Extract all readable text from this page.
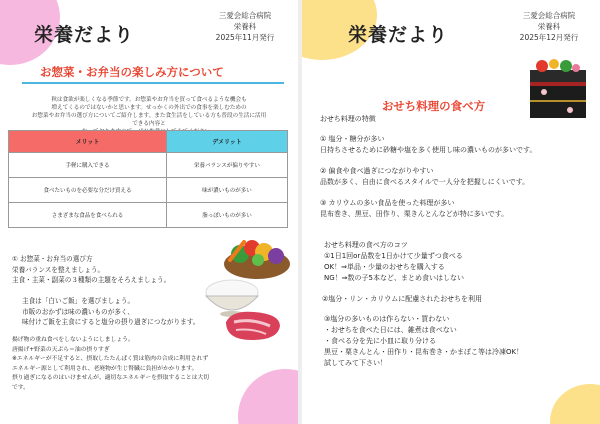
栄養だより
三愛会総合病院
栄養科
2025年11月発行
お惣菜・お弁当の楽しみ方について
秋は食欲が楽しくなる季節です。お惣菜やお弁当を買って食べるような機会も
増えてくるのではないかと思います。せっかくの外出での食事を楽しむための
お惣菜やお弁当の選び方についてご紹介します。また食生活をしている方も普段の生活に活用できる内容と
メリット	デメリット
手軽に購入できる	栄養バランスが偏りやすい
食べたいものを必要な分だけ買える	味が濃いものが多い
さまざまな食品を食べられる	脂っぽいものが多い
① お惣菜・お弁当の選び方
栄養バランスを整えましょう。
主食・主菜・副菜の３種類の主題をそろえましょう。
主食は「白いご飯」を選びましょう。
市販のおかずは味の濃いものが多く、
味付けご飯を主食にすると塩分の摂り過ぎにつながります。
揚げ物の重ね食べをしないようにしましょう。
唐揚げ+野菜の天ぷら＝油の摂りすぎ
※エネルギーが不足すると、摂取したたんぱく質は筋肉の合成に利用されず
エネルギー源として利用され、老廃物が生じ腎臓に負担がかかります。
摂り過ぎになるのはいけませんが、適切なエネルギーを摂取することは大切
です。
栄養だより
三愛会総合病院
栄養科
2025年12月発行
おせち料理の食べ方
おせち料理の特徴
① 塩分・糖分が多い
日持ちさせるために砂糖や塩を多く使用し味の濃いものが多いです。
② 偏食や食べ過ぎにつながりやすい
品数が多く、自由に食べるスタイルで一人分を把握しにくいです。
③ カリウムの多い食品を使った料理が多い
昆布巻き、黒豆、田作り、栗きんとんなどが特に多いです。
おせち料理の食べ方のコツ
①1日1回or品数を1日かけて少量ずつ食べる
OK！⇒単品・少量のおせちを購入する
NG！⇒数の子5本など、まとめ食いはしない
②塩分・リン・カリウムに配慮されたおせちを利用
③塩分の多いものは作らない・買わない
・おせちを食べた日には、雑煮は食べない
・食べる分を先に小皿に取り分ける
黒豆・栗きんとん・田作り・昆布巻き・かまぼこ等は冷凍OK！
試してみて下さい！
